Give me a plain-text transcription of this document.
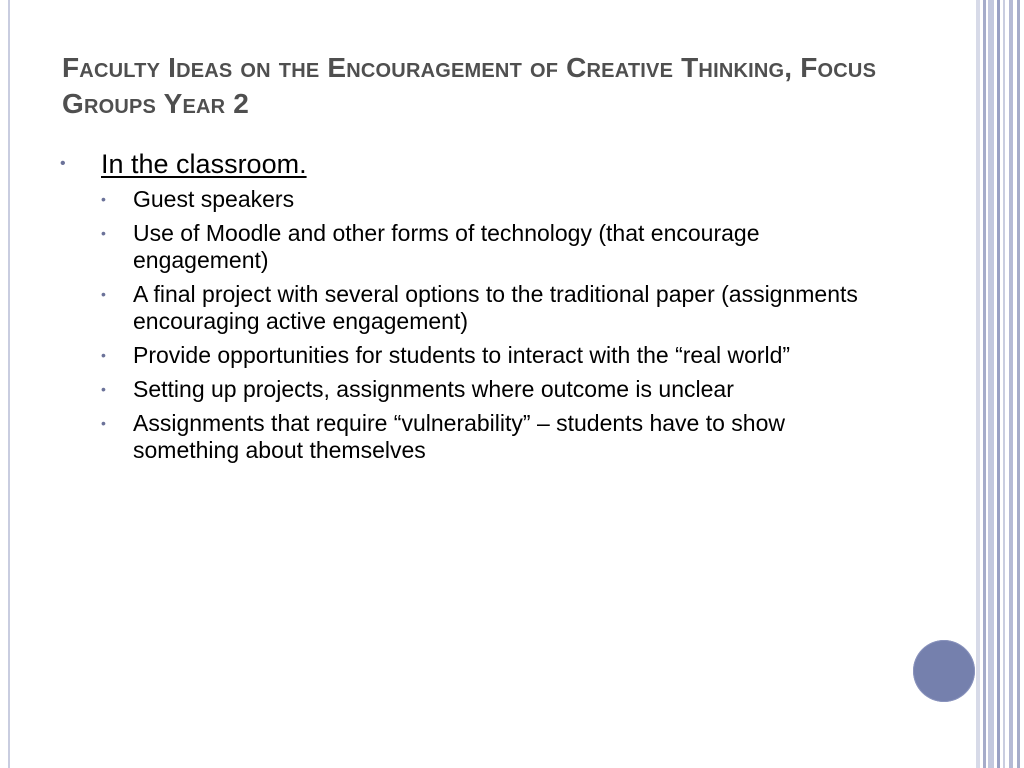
Faculty Ideas on the Encouragement of Creative Thinking, Focus Groups Year 2
• In the classroom.
• Guest speakers
• Use of Moodle and other forms of technology (that encourage engagement)
• A final project with several options to the traditional paper (assignments encouraging active engagement)
• Provide opportunities for students to interact with the “real world”
• Setting up projects, assignments where outcome is unclear
• Assignments that require “vulnerability” – students have to show something about themselves
